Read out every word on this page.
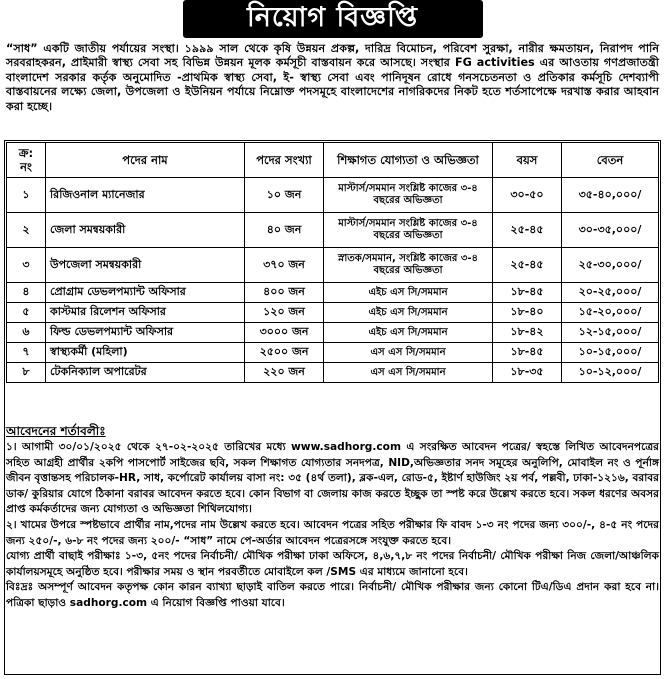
নিয়োগ বিজ্ঞপ্তি
“সাধ” একটি জাতীয় পর্যায়ের সংস্থা। ১৯৯৯ সাল থেকে কৃষি উন্নয়ন প্রকল্প, দারিদ্র বিমোচন, পরিবেশ সুরক্ষা, নারীর ক্ষমতায়ন, নিরাপদ পানি সরবরাহকরন, প্রাইমারী স্বাস্থ্য সেবা সহ বিভিন্ন উন্নয়ন মূলক কর্মসূচী বাস্তবায়ন করে আসছে। সংস্থার FG activities এর আওতায় গণপ্রজাতন্ত্রী বাংলাদেশ সরকার কর্তৃক অনুমোদিত -প্রাথমিক স্বাস্থ্য সেবা, ই- স্বাস্থ্য সেবা এবং পানিদূষন রোধে গনসচেতনতা ও প্রতিকার কর্মসূচি দেশব্যাপী বাস্তবায়নের লক্ষ্যে জেলা, উপজেলা ও ইউনিয়ন পর্যায়ে নিম্নোক্ত পদসমূহে বাংলাদেশের নাগরিকদের নিকট হতে শর্তসাপেক্ষে দরখাস্ত করার আহবান করা হচ্ছে।
ক্র: নং	পদের নাম	পদের সংখ্যা	শিক্ষাগত যোগ্যতা ও অভিজ্ঞতা	বয়স	বেতন
১	রিজিওনাল ম্যানেজার	১০ জন	মাস্টার্স/সমমান সংশ্লিষ্ট কাজের ৩-৪ বছরের অভিজ্ঞতা	৩০-৫০	৩৫-৪০,০০০/
২	জেলা সমন্বয়কারী	৪০ জন	মাস্টার্স/সমমান সংশ্লিষ্ট কাজের ৩-৪ বছরের অভিজ্ঞতা	২৫-৪৫	৩০-৩৫,০০০/
৩	উপজেলা সমন্বয়কারী	৩৭০ জন	স্নাতক/সমমান, সংশ্লিষ্ট কাজের ৩-৪ বছরের অভিজ্ঞতা	২৫-৪৫	২৫-৩০,০০০/
৪	প্রোগ্রাম ডেভলপম্যান্ট অফিসার	৪০০ জন	এইচ এস সি/সমমান	১৮-৪৫	২০-২৫,০০০/
৫	কাস্টমার রিলেশন অফিসার	১২০ জন	এইচ এস সি/সমমান	১৮-৪০	১৫-২০,০০০/
৬	ফিল্ড ডেভলপম্যান্ট অফিসার	৩০০০ জন	এইচ এস সি/সমমান	১৮-৪২	১২-১৫,০০০/
৭	স্বাস্থ্যকর্মী (মহিলা)	২৫০০ জন	এস এস সি/সমমান	১৮-৪৫	১০-১৫,০০০/
৮	টেকনিক্যাল অপারেটর	২২০ জন	এস এস সি/সমমান	১৮-৩৫	১০-১২,০০০/
আবেদনের শর্তাবলীঃ

১। আগামী ৩০/০১/২০২৫ থেকে ২৭-০২-২০২৫ তারিখের মধ্যে www.sadhorg.com এ সংরক্ষিত আবেদন পত্রের/ স্বহস্তে লিখিত আবেদনপত্রের সহিত আগ্রহী প্রার্থীর ২কপি পাসপোর্ট সাইজের ছবি, সকল শিক্ষাগত যোগ্যতার সনদপত্র, NID,অভিজ্ঞতার সনদ সমূহের অনুলিপি, মোবাইল নং ও পূর্নাঙ্গ জীবন বৃত্তান্তসহ পরিচালক-HR, সাধ, কর্পোরেট কার্যালয় বাসা নং: ৩৫ (৪র্থ তলা), ব্লক-এল, রোড-৫, ইষ্টার্ণ হাউজিং ২য় পর্ব, পল্লবী, ঢাকা-১২১৬, বরাবর ডাক/ কুরিয়ার যোগে ঠিকানা বরাবর আবেদন করতে হবে। কোন বিভাগ বা জেলায় কাজ করতে ইচ্ছুক তা স্পষ্ট করে উল্লেখ করতে হবে। সকল ধরণের অবসর প্রাপ্ত কর্মকর্তাদের জন্য যোগ্যতা ও অভিজ্ঞতা শিথিলযোগ্য।

২। খামের উপরে স্পষ্টভাবে প্রার্থীর নাম,পদের নাম উল্লেখ করতে হবে। আবেদন পত্রের সহিত পরীক্ষার ফি বাবদ ১-৩ নং পদের জন্য ৩০০/-, ৪-৫ নং পদের জন্য ২৫০/-, ৬-৮ নং পদের জন্য ২০০/- “সাধ” নামে পে-অর্ডার আবেদন পত্রেরসঙ্গে সংযুক্ত করতে হবে।

যোগ্য প্রার্থী বাছাই পরীক্ষাঃ ১-৩, ৫নং পদের নির্বাচনী/ মৌখিক পরীক্ষা ঢাকা অফিসে, ৪,৬,৭,৮ নং পদের নির্বাচনী/ মৌখিক পরীক্ষা নিজ জেলা/আঞ্চলিক কার্যালয়সমূহে অনুষ্ঠিত হবে। পরীক্ষার সময় ও স্থান পরবর্তীতে মোবাইলে কল /SMS এর মাধ্যমে জানানো হবে।

বিঃদ্রঃ অসম্পূর্ণ আবেদন কতৃপক্ষ কোন কারন ব্যাখ্যা ছাড়াই বাতিল করতে পারে। নির্বাচনী/ মৌখিক পরীক্ষার জন্য কোনো টিএ/ডিএ প্রদান করা হবে না। পত্রিকা ছাড়াও sadhorg.com এ নিয়োগ বিজ্ঞপ্তি পাওয়া যাবে।
